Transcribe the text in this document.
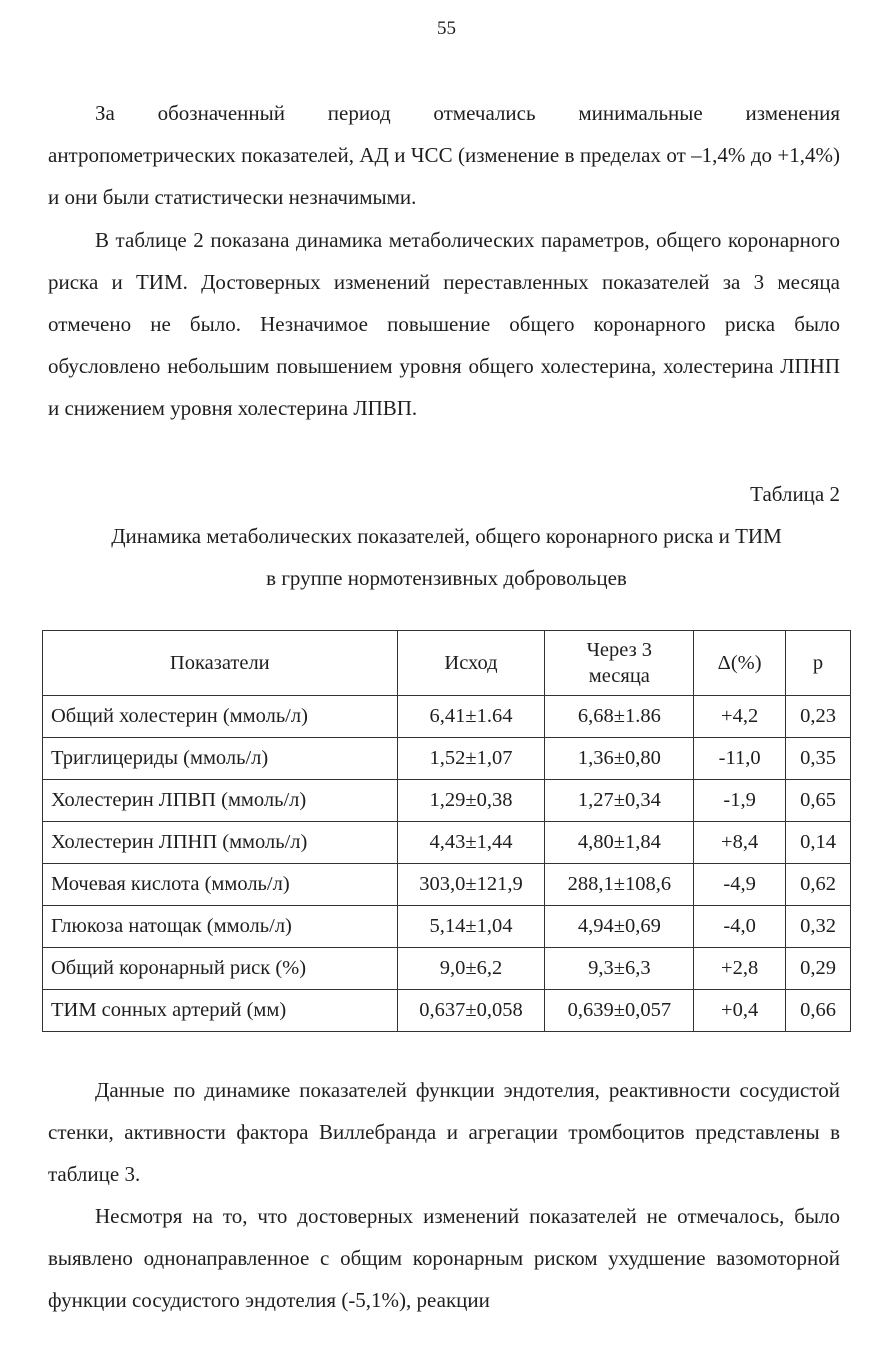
55

За обозначенный период отмечались минимальные изменения антропометрических показателей, АД и ЧСС (изменение в пределах от –1,4% до +1,4%) и они были статистически незначимыми.

В таблице 2 показана динамика метаболических параметров, общего коронарного риска и ТИМ. Достоверных изменений переставленных показателей за 3 месяца отмечено не было. Незначимое повышение общего коронарного риска было обусловлено небольшим повышением уровня общего холестерина, холестерина ЛПНП и снижением уровня холестерина ЛПВП.

Таблица 2

Динамика метаболических показателей, общего коронарного риска и ТИМ
в группе нормотензивных добровольцев

Показатели	Исход	Через 3 месяца	Δ(%)	р
Общий холестерин (ммоль/л)	6,41±1.64	6,68±1.86	+4,2	0,23
Триглицериды (ммоль/л)	1,52±1,07	1,36±0,80	-11,0	0,35
Холестерин ЛПВП (ммоль/л)	1,29±0,38	1,27±0,34	-1,9	0,65
Холестерин ЛПНП (ммоль/л)	4,43±1,44	4,80±1,84	+8,4	0,14
Мочевая кислота (ммоль/л)	303,0±121,9	288,1±108,6	-4,9	0,62
Глюкоза натощак (ммоль/л)	5,14±1,04	4,94±0,69	-4,0	0,32
Общий коронарный риск (%)	9,0±6,2	9,3±6,3	+2,8	0,29
ТИМ сонных артерий (мм)	0,637±0,058	0,639±0,057	+0,4	0,66

Данные по динамике показателей функции эндотелия, реактивности сосудистой стенки, активности фактора Виллебранда и агрегации тромбоцитов представлены в таблице 3.

Несмотря на то, что достоверных изменений показателей не отмечалось, было выявлено однонаправленное с общим коронарным риском ухудшение вазомоторной функции сосудистого эндотелия (-5,1%), реакции
